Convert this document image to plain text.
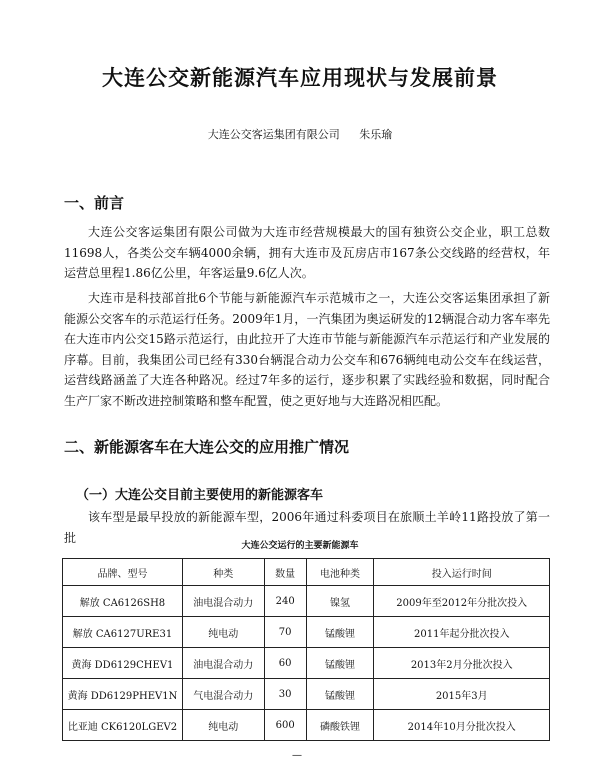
大连公交新能源汽车应用现状与发展前景
大连公交客运集团有限公司 朱乐瑜
一、前言

大连公交客运集团有限公司做为大连市经营规模最大的国有独资公交企业，职工总数11698人，各类公交车辆4000余辆，拥有大连市及瓦房店市167条公交线路的经营权，年运营总里程1.86亿公里，年客运量9.6亿人次。

大连市是科技部首批6个节能与新能源汽车示范城市之一，大连公交客运集团承担了新能源公交客车的示范运行任务。2009年1月，一汽集团为奥运研发的12辆混合动力客车率先在大连市内公交15路示范运行，由此拉开了大连市节能与新能源汽车示范运行和产业发展的序幕。目前，我集团公司已经有330台辆混合动力公交车和676辆纯电动公交车在线运营，运营线路涵盖了大连各种路况。经过7年多的运行，逐步积累了实践经验和数据，同时配合生产厂家不断改进控制策略和整车配置，使之更好地与大连路况相匹配。

二、新能源客车在大连公交的应用推广情况
（一）大连公交目前主要使用的新能源客车

该车型是最早投放的新能源车型，2006年通过科委项目在旅顺土羊岭11路投放了第一批

大连公交运行的主要新能源车
品牌、型号	种类	数量	电池种类	投入运行时间
解放 CA6126SH8	油电混合动力	240	镍氢	2009年至2012年分批次投入
解放 CA6127URE31	纯电动	70	锰酸锂	2011年起分批次投入
黄海 DD6129CHEV1	油电混合动力	60	锰酸锂	2013年2月分批次投入
黄海 DD6129PHEV1N	气电混合动力	30	锰酸锂	2015年3月
比亚迪 CK6120LGEV2	纯电动	600	磷酸铁锂	2014年10月分批次投入
—
